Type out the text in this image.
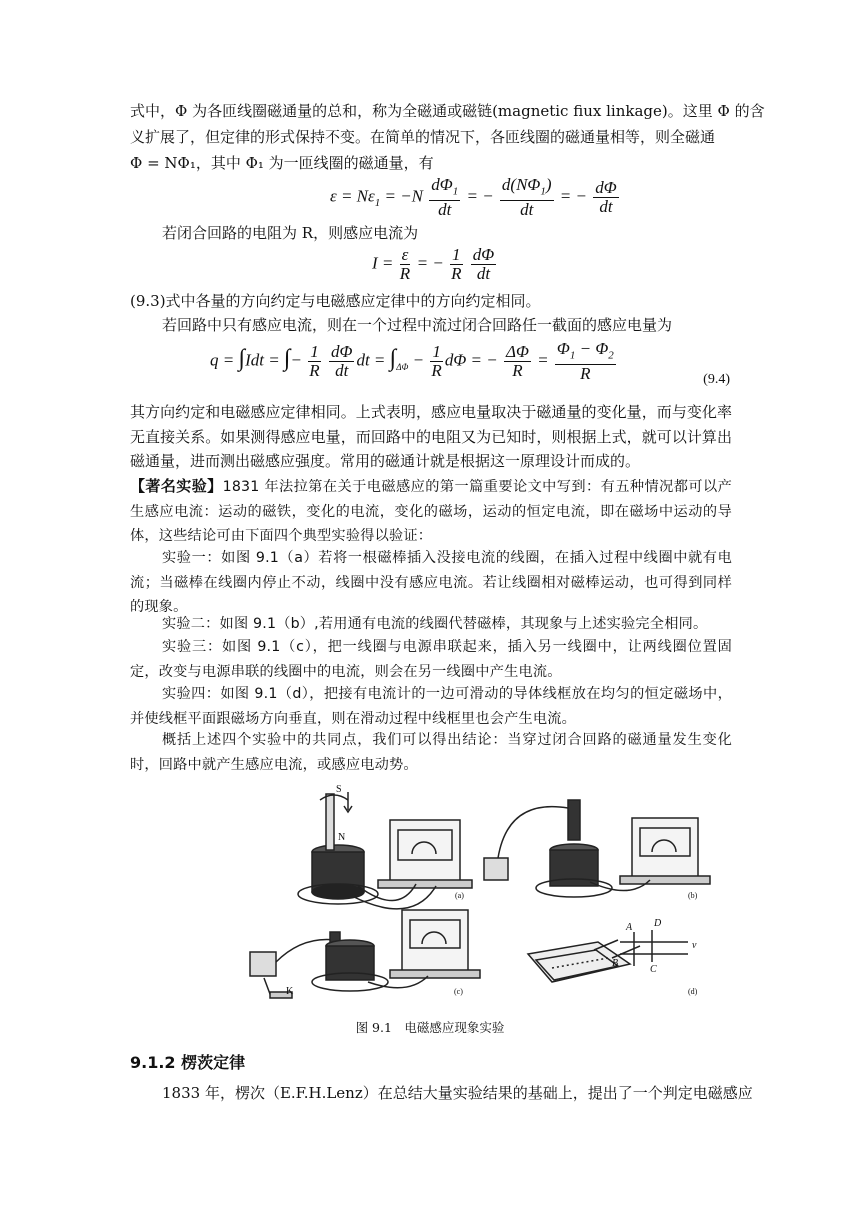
式中，Φ 为各匝线圈磁通量的总和，称为全磁通或磁链(magnetic fiux linkage)。这里 Φ 的含
义扩展了，但定律的形式保持不变。在简单的情况下，各匝线圈的磁通量相等，则全磁通
Φ = NΦ₁，其中 Φ₁ 为一匝线圈的磁通量，有
$\varepsilon = N\varepsilon_1 = -N \frac{d\Phi_1}{dt}$ = − $\frac{d(N\Phi_1)}{dt}$ = − $\frac{d\Phi}{dt}$
若闭合回路的电阻为 R，则感应电流为
$I = \frac{\varepsilon}{R}$ = − $\frac{1}{R}$
$\frac{d\Phi}{dt}$
(9.3)式中各量的方向约定与电磁感应定律中的方向约定相同。
若回路中只有感应电流，则在一个过程中流过闭合回路任一截面的感应电量为
q = ∫Idt = ∫− $\frac{1}{R}$
$\frac{d\Phi}{dt}$ dt = $\int_{\Delta\Phi} - \frac{1}{R}$ dΦ = − $\frac{\Delta\Phi}{R} = \frac{\Phi_1 - \Phi_2}{R}$	(9.4)
其方向约定和电磁感应定律相同。上式表明，感应电量取决于磁通量的变化量，而与变化率无直接关系。如果测得感应电量，而回路中的电阻又为已知时，则根据上式，就可以计算出磁通量，进而测出磁感应强度。常用的磁通计就是根据这一原理设计而成的。
【著名实验】1831 年法拉第在关于电磁感应的第一篇重要论文中写到：有五种情况都可以产生感应电流：运动的磁铁，变化的电流，变化的磁场，运动的恒定电流，即在磁场中运动的导体，这些结论可由下面四个典型实验得以验证：
实验一：如图 9.1（a）若将一根磁棒插入没接电流的线圈，在插入过程中线圈中就有电流；当磁棒在线圈内停止不动，线圈中没有感应电流。若让线圈相对磁棒运动，也可得到同样的现象。
实验二：如图 9.1（b）,若用通有电流的线圈代替磁棒，其现象与上述实验完全相同。
实验三：如图 9.1（c），把一线圈与电源串联起来，插入另一线圈中，让两线圈位置固定，改变与电源串联的线圈中的电流，则会在另一线圈中产生电流。
实验四：如图 9.1（d），把接有电流计的一边可滑动的导体线框放在均匀的恒定磁场中，并使线框平面跟磁场方向垂直，则在滑动过程中线框里也会产生电流。
概括上述四个实验中的共同点，我们可以得出结论：当穿过闭合回路的磁通量发生变化时，回路中就产生感应电流，或感应电动势。
S
N
(a)	(b)
(c)	(d)
K
A
B
C
D
v
图 9.1　电磁感应现象实验
9.1.2 楞茨定律
1833 年，楞次（E.F.H.Lenz）在总结大量实验结果的基础上，提出了一个判定电磁感应
